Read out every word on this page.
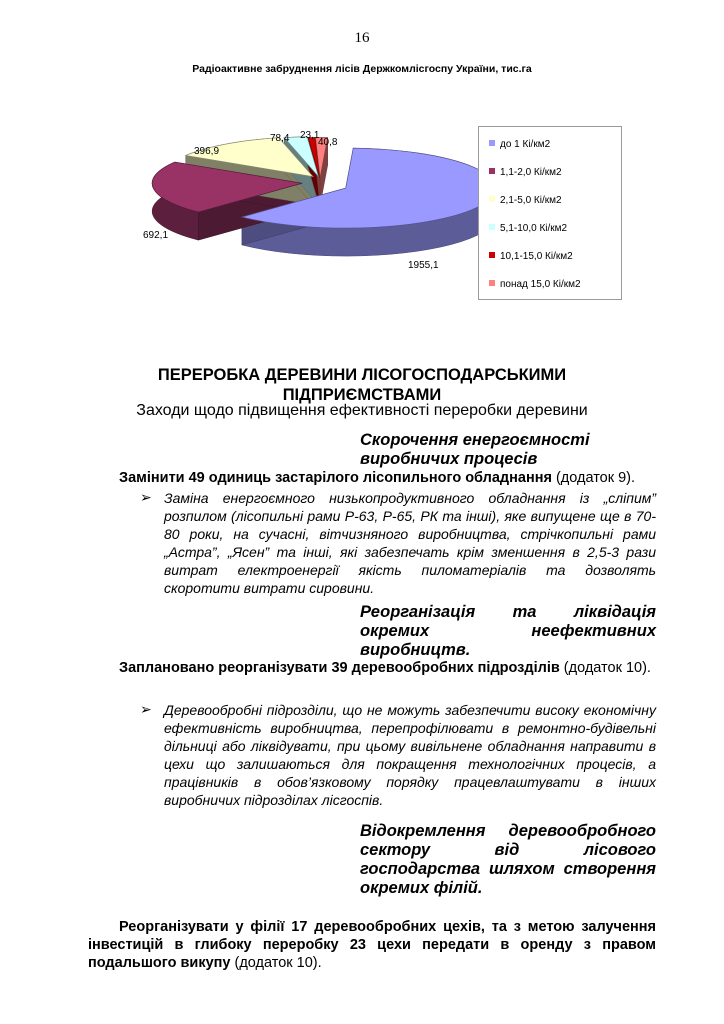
16
Радіоактивне забруднення лісів Держкомлісгоспу України, тис.га
1955,1
692,1
396,9
78,4 23,1
40,8	до 1 Кі/км2
1,1-2,0 Кі/км2
2,1-5,0 Кі/км2
5,1-10,0 Кі/км2
10,1-15,0 Кі/км2
понад 15,0 Кі/км2
ПЕРЕРОБКА ДЕРЕВИНИ ЛІСОГОСПОДАРСЬКИМИ
ПІДПРИЄМСТВАМИ
Заходи щодо підвищення ефективності переробки деревини
Скорочення енергоємності виробничих процесів
Замінити 49 одиниць застарілого лісопильного обладнання (додаток 9).
➢ Заміна енергоємного низькопродуктивного обладнання із „сліпим” розпилом (лісопильні рами Р-63, Р-65, РК та інші), яке випущене ще в 70-80 роки, на сучасні, вітчизняного виробництва, стрічкопильні рами „Астра”, „Ясен” та інші, які забезпечать крім зменшення в 2,5-3 рази витрат електроенергії якість пиломатеріалів та дозволять скоротити витрати сировини.
Реорганізація та ліквідація окремих неефективних
виробництв.
Заплановано реорганізувати 39 деревообробних підрозділів (додаток 10).
➢ Деревообробні підрозділи, що не можуть забезпечити високу економічну ефективність виробництва, перепрофілювати в ремонтно-будівельні дільниці або ліквідувати, при цьому вивільнене обладнання направити в цехи що залишаються для покращення технологічних процесів, а працівників в обов’язковому порядку працевлаштувати в інших виробничих підрозділах лісгоспів.
Відокремлення деревообробного сектору від лісового господарства шляхом створення окремих філій.
Реорганізувати у філії 17 деревообробних цехів, та з метою залучення інвестицій в глибоку переробку 23 цехи передати в оренду з правом подальшого викупу (додаток 10).
